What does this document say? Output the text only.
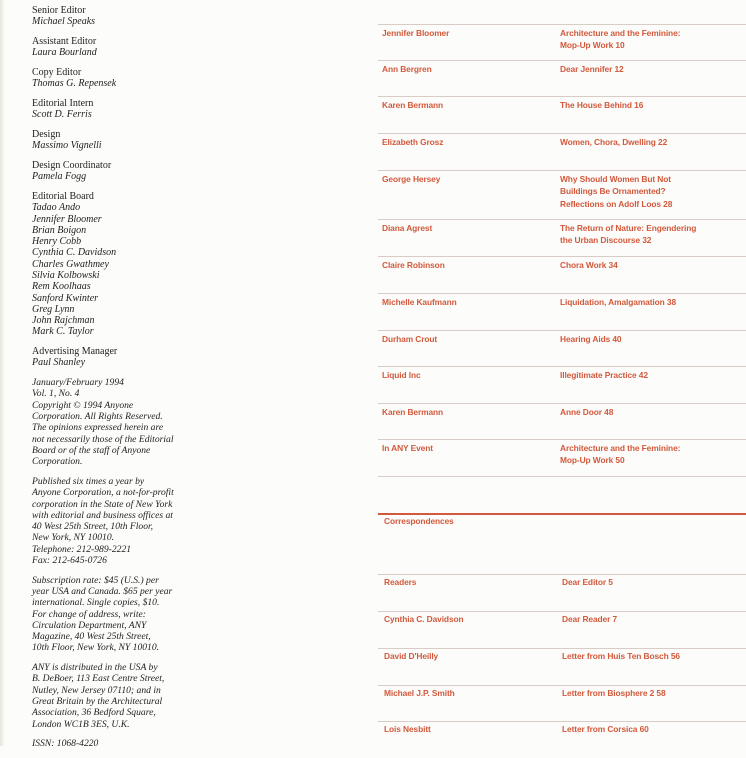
Senior Editor
Michael Speaks
Assistant Editor
Laura Bourland
Copy Editor
Thomas G. Repensek
Editorial Intern
Scott D. Ferris
Design
Massimo Vignelli
Design Coordinator
Pamela Fogg
Editorial Board
Tadao Ando
Jennifer Bloomer
Brian Boigon
Henry Cobb
Cynthia C. Davidson
Charles Gwathmey
Silvia Kolbowski
Rem Koolhaas
Sanford Kwinter
Greg Lynn
John Rajchman
Mark C. Taylor
Advertising Manager
Paul Shanley
January/February 1994
Vol. 1, No. 4
Copyright © 1994 Anyone
Corporation. All Rights Reserved.
The opinions expressed herein are
not necessarily those of the Editorial
Board or of the staff of Anyone
Corporation.
Published six times a year by
Anyone Corporation, a not-for-profit
corporation in the State of New York
with editorial and business offices at
40 West 25th Street, 10th Floor,
New York, NY 10010.
Telephone: 212-989-2221
Fax: 212-645-0726
Subscription rate: $45 (U.S.) per
year USA and Canada. $65 per year
international. Single copies, $10.
For change of address, write:
Circulation Department, ANY
Magazine, 40 West 25th Street,
10th Floor, New York, NY 10010.
ANY is distributed in the USA by
B. DeBoer, 113 East Centre Street,
Nutley, New Jersey 07110; and in
Great Britain by the Architectural
Association, 36 Bedford Square,
London WC1B 3ES, U.K.
ISSN: 1068-4220
Jennifer Bloomer	Architecture and the Feminine:
Mop-Up Work 10
Ann Bergren	Dear Jennifer 12
Karen Bermann	The House Behind 16
Elizabeth Grosz	Women, Chora, Dwelling 22
George Hersey	Why Should Women But Not
Buildings Be Ornamented?
Reflections on Adolf Loos 28
Diana Agrest	The Return of Nature: Engendering
the Urban Discourse 32
Claire Robinson	Chora Work 34
Michelle Kaufmann	Liquidation, Amalgamation 38
Durham Crout	Hearing Aids 40
Liquid Inc	Illegitimate Practice 42
Karen Bermann	Anne Door 48
In ANY Event	Architecture and the Feminine:
Mop-Up Work 50
Correspondences
Readers	Dear Editor 5
Cynthia C. Davidson	Dear Reader 7
David D'Heilly	Letter from Huis Ten Bosch 56
Michael J.P. Smith	Letter from Biosphere 2 58
Lois Nesbitt	Letter from Corsica 60
